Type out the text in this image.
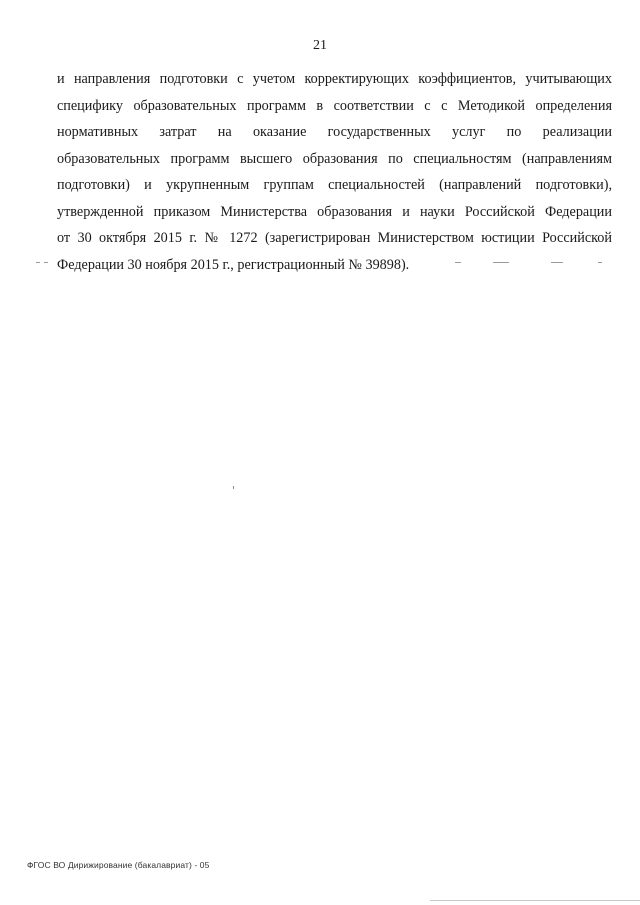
21
и направления подготовки с учетом корректирующих коэффициентов, учитывающих
специфику образовательных программ в соответствии с с Методикой определения
нормативных затрат на оказание государственных услуг по реализации
образовательных программ высшего образования по специальностям (направлениям
подготовки) и укрупненным группам специальностей (направлений подготовки),
утвержденной приказом Министерства образования и науки Российской Федерации
от 30 октября 2015 г. № 1272 (зарегистрирован Министерством юстиции Российской
Федерации 30 ноября 2015 г., регистрационный № 39898).
ФГОС ВО Дирижирование (бакалавриат) - 05
